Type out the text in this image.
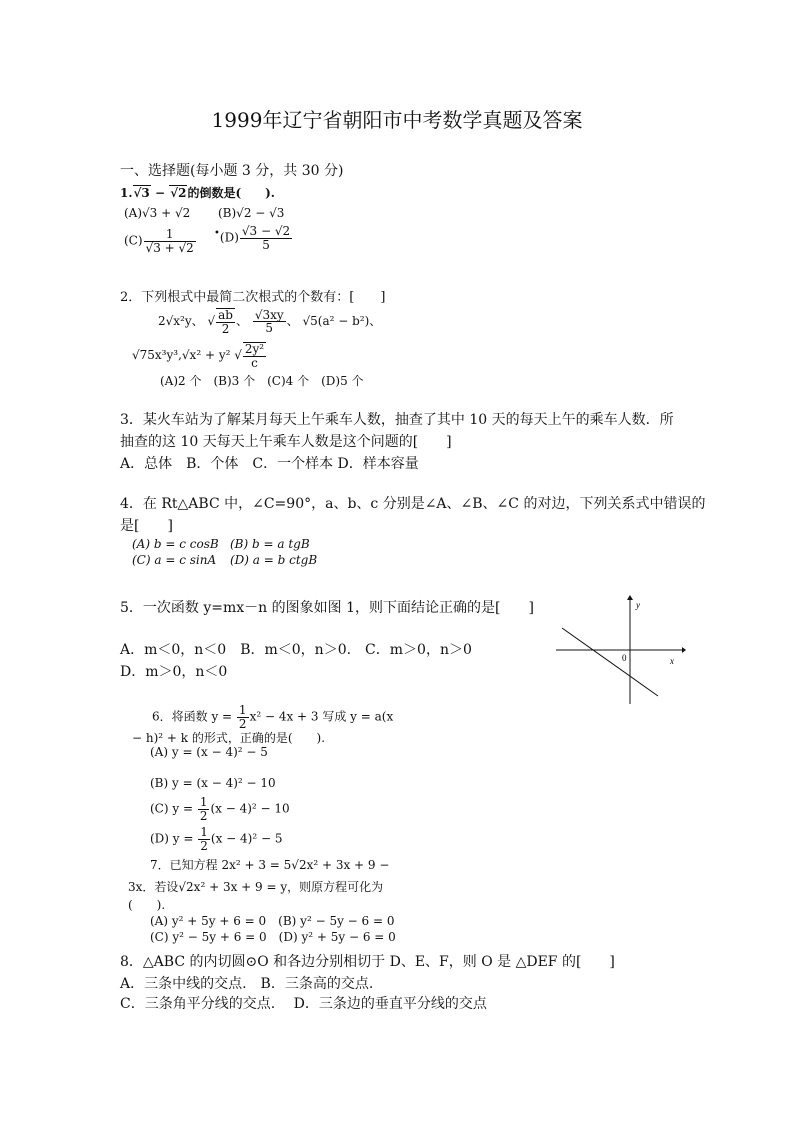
1999年辽宁省朝阳市中考数学真题及答案
一、选择题(每小题 3 分，共 30 分)
1.√3 − √2的倒数是(　　).
(A)√3 + √2 (B)√2 − √3
$(C) \frac{1}{√3 + √2} ^•(D) \frac{√3 - √2}{5}$
2．下列根式中最简二次根式的个数有：[　　]
2√x²y、 √ $\frac{ab}{2}$ 、 $\frac{√3xy}{5}$ 、 √5(a² − b²)、
√75x³y³,√x² + y² √ $\frac{\text{2y²}}{c}$
(A)2 个　(B)3 个　(C)4 个　(D)5 个
3．某火车站为了解某月每天上午乘车人数，抽查了其中 10 天的每天上午的乘车人数．所
抽查的这 10 天每天上午乘车人数是这个问题的[　　]
A．总体　B．个体　C．一个样本 D．样本容量
4．在 Rt△ABC 中，∠C=90°，a、b、c 分别是∠A、∠B、∠C 的对边，下列关系式中错误的
是[　　]
(A) b = c cosB (B) b = a tgB
(C) a = c sinA (D) a = b ctgB
5．一次函数 y=mx－n 的图象如图 1，则下面结论正确的是[　　]
A．m＜0，n＜0　B．m＜0，n＞0.　C．m＞0，n＞0
D．m＞0，n＜0
y
x
0
6．将函数 $y = \frac{1}{2} x^2 - 4x + 3$ 写成 y = a(x
− h)² + k 的形式，正确的是(　　).
(A) y = (x − 4)² − 5
(B) y = (x − 4)² − 10
(C) $y = \frac{1}{2} (x - 4)^2 - 10$
(D) $y = \frac{1}{2} (x - 4)^2 - 5$
7．已知方程 2x² + 3 = 5√2x² + 3x + 9 −
3x．若设√2x² + 3x + 9 = y，则原方程可化为
(　　).
(A) y² + 5y + 6 = 0　(B) y² − 5y − 6 = 0
(C) y² − 5y + 6 = 0　(D) y² + 5y − 6 = 0
8．△ABC 的内切圆⊙O 和各边分别相切于 D、E、F，则 O 是 △DEF 的[　　]
A．三条中线的交点.　B．三条高的交点.
C．三条角平分线的交点.　 D．三条边的垂直平分线的交点
